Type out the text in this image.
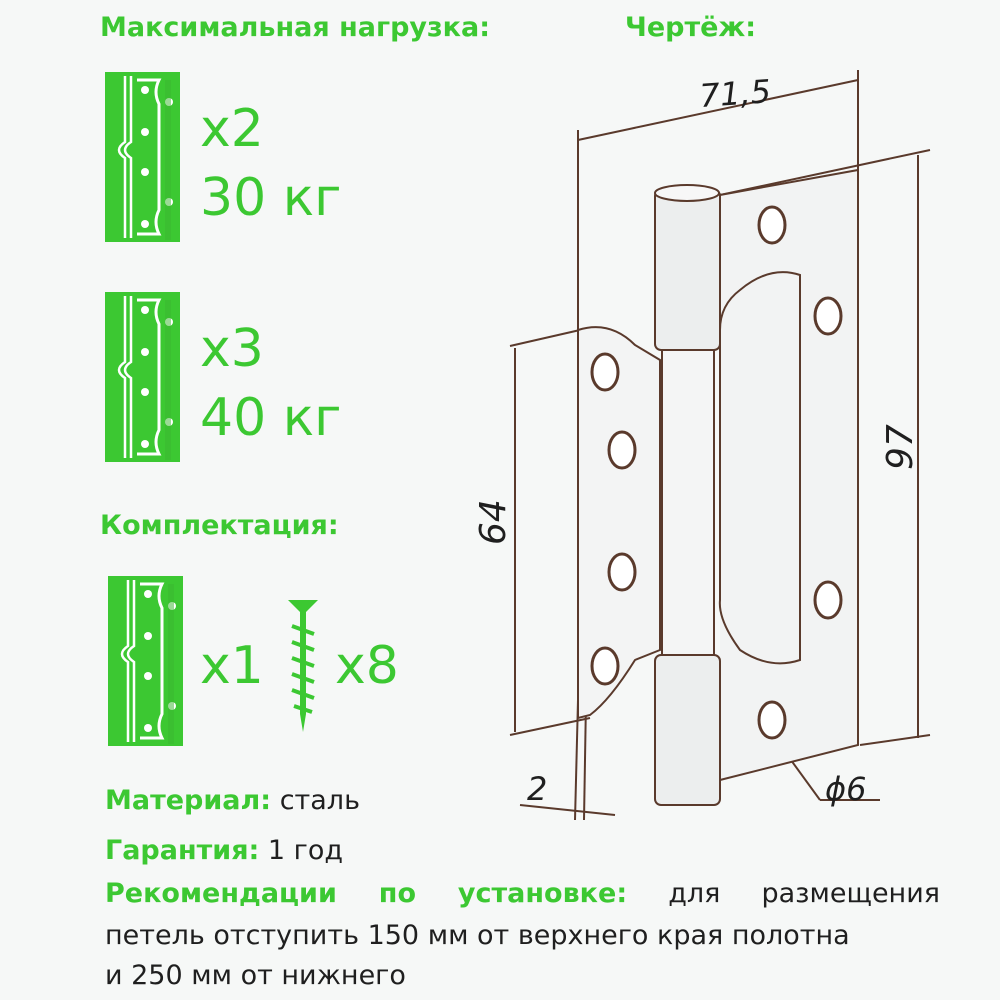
Максимальная нагрузка:	Чертёж:
x2
30 кг
x3
40 кг
Комплектация:
x1 x8
Материал: сталь
Гарантия: 1 год
Рекомендации по установке: для размещения
петель отступить 150 мм от верхнего края полотна
и 250 мм от нижнего
71,5
97
64
2	ϕ6
